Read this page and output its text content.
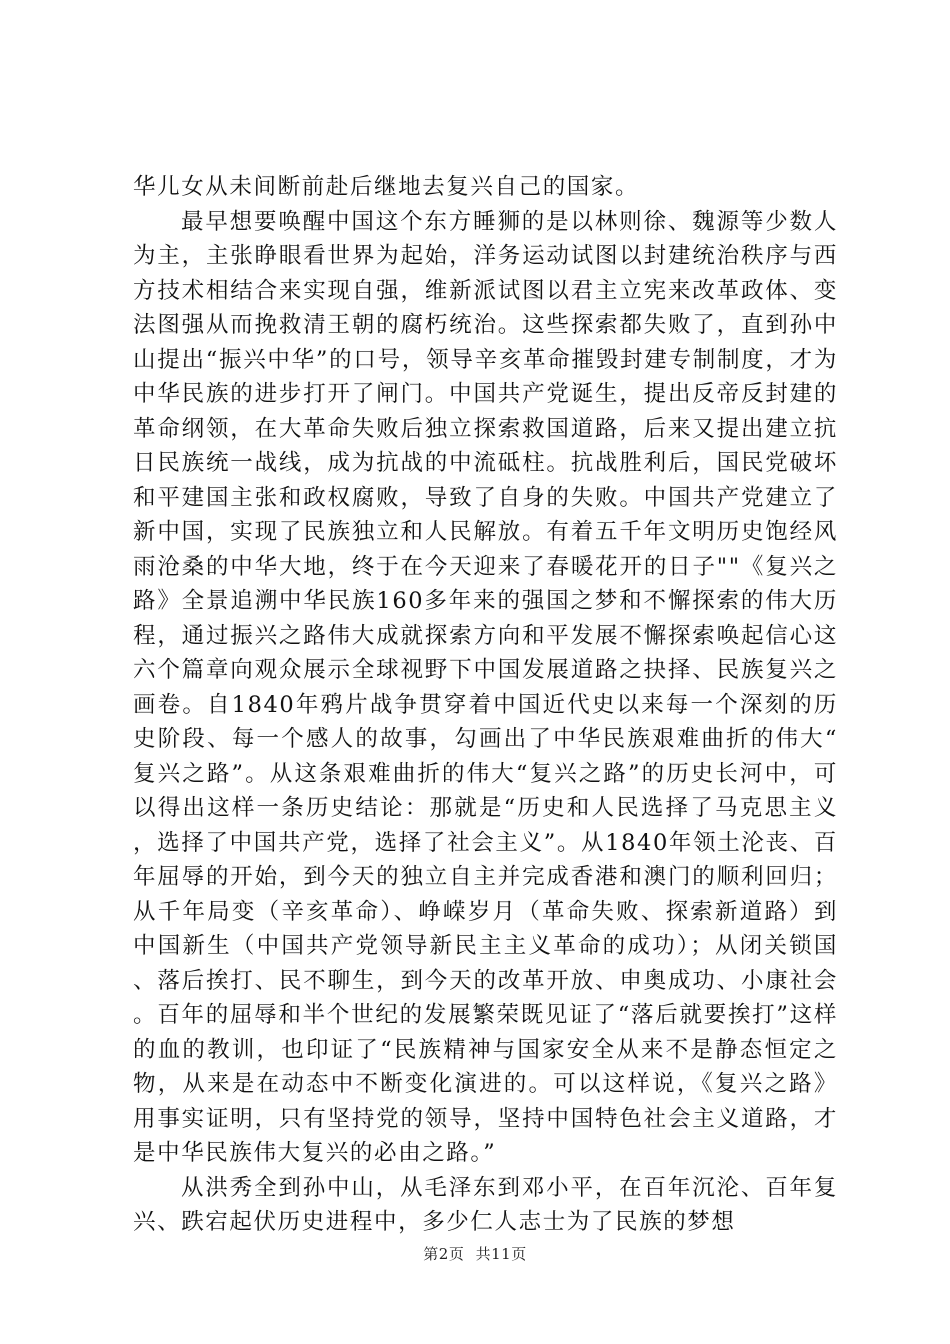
华儿女从未间断前赴后继地去复兴自己的国家。

最早想要唤醒中国这个东方睡狮的是以林则徐、魏源等少数人为主，主张睁眼看世界为起始，洋务运动试图以封建统治秩序与西方技术相结合来实现自强，维新派试图以君主立宪来改革政体、变法图强从而挽救清王朝的腐朽统治。这些探索都失败了，直到孙中山提出“振兴中华”的口号，领导辛亥革命摧毁封建专制制度，才为中华民族的进步打开了闸门。中国共产党诞生，提出反帝反封建的革命纲领，在大革命失败后独立探索救国道路，后来又提出建立抗日民族统一战线，成为抗战的中流砥柱。抗战胜利后，国民党破坏和平建国主张和政权腐败，导致了自身的失败。中国共产党建立了新中国，实现了民族独立和人民解放。有着五千年文明历史饱经风雨沧桑的中华大地，终于在今天迎来了春暖花开的日子""《复兴之路》全景追溯中华民族160多年来的强国之梦和不懈探索的伟大历程，通过振兴之路伟大成就探索方向和平发展不懈探索唤起信心这六个篇章向观众展示全球视野下中国发展道路之抉择、民族复兴之画卷。自1840年鸦片战争贯穿着中国近代史以来每一个深刻的历史阶段、每一个感人的故事，勾画出了中华民族艰难曲折的伟大“复兴之路”。从这条艰难曲折的伟大“复兴之路”的历史长河中，可以得出这样一条历史结论：那就是“历史和人民选择了马克思主义，选择了中国共产党，选择了社会主义”。从1840年领土沦丧、百年屈辱的开始，到今天的独立自主并完成香港和澳门的顺利回归；从千年局变（辛亥革命）、峥嵘岁月（革命失败、探索新道路）到中国新生（中国共产党领导新民主主义革命的成功）；从闭关锁国、落后挨打、民不聊生，到今天的改革开放、申奥成功、小康社会。百年的屈辱和半个世纪的发展繁荣既见证了“落后就要挨打”这样的血的教训，也印证了“民族精神与国家安全从来不是静态恒定之物，从来是在动态中不断变化演进的。可以这样说，《复兴之路》用事实证明，只有坚持党的领导，坚持中国特色社会主义道路，才是中华民族伟大复兴的必由之路。”

从洪秀全到孙中山，从毛泽东到邓小平，在百年沉沦、百年复兴、跌宕起伏历史进程中，多少仁人志士为了民族的梦想

第2页 共11页
